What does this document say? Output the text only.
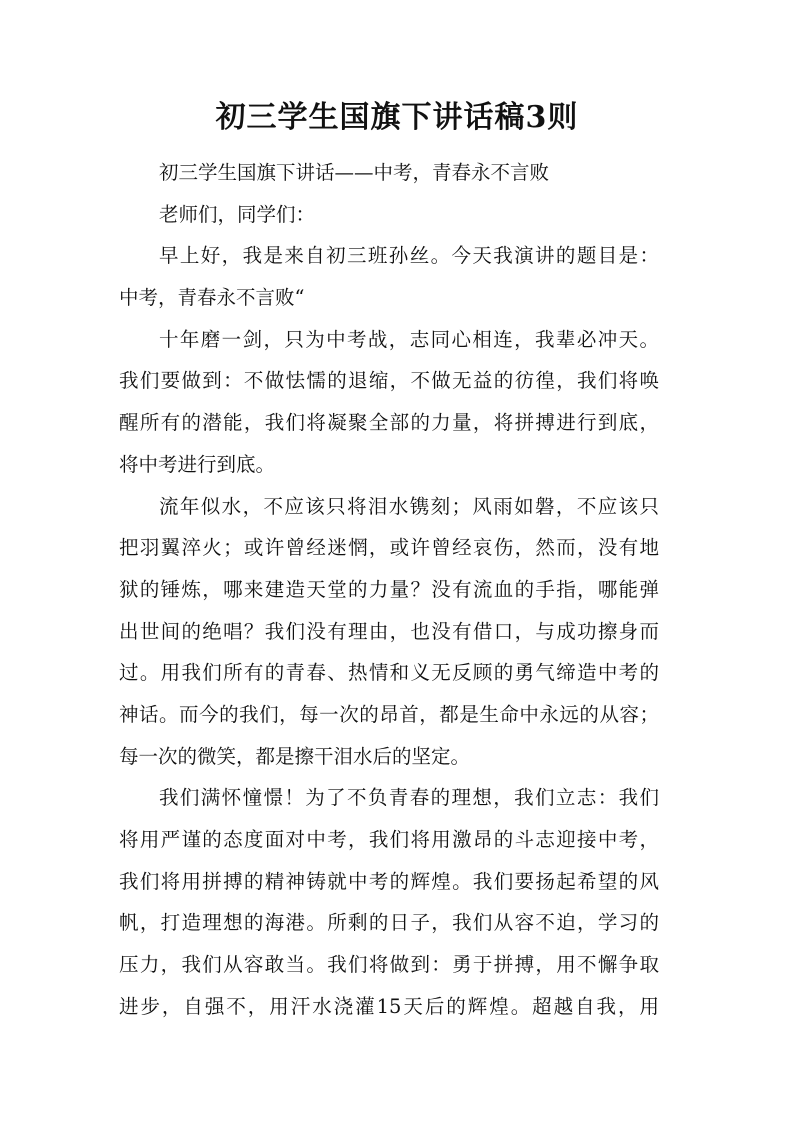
初三学生国旗下讲话稿3则
初三学生国旗下讲话——中考，青春永不言败
老师们，同学们：
早上好，我是来自初三班孙丝。今天我演讲的题目是：
中考，青春永不言败“
十年磨一剑，只为中考战，志同心相连，我辈必冲天。
我们要做到：不做怯懦的退缩，不做无益的彷徨，我们将唤
醒所有的潜能，我们将凝聚全部的力量，将拼搏进行到底，
将中考进行到底。
流年似水，不应该只将泪水镌刻；风雨如磐，不应该只
把羽翼淬火；或许曾经迷惘，或许曾经哀伤，然而，没有地
狱的锤炼，哪来建造天堂的力量？没有流血的手指，哪能弹
出世间的绝唱？我们没有理由，也没有借口，与成功擦身而
过。用我们所有的青春、热情和义无反顾的勇气缔造中考的
神话。而今的我们，每一次的昂首，都是生命中永远的从容；
每一次的微笑，都是擦干泪水后的坚定。
我们满怀憧憬！为了不负青春的理想，我们立志：我们
将用严谨的态度面对中考，我们将用激昂的斗志迎接中考，
我们将用拼搏的精神铸就中考的辉煌。我们要扬起希望的风
帆，打造理想的海港。所剩的日子，我们从容不迫，学习的
压力，我们从容敢当。我们将做到：勇于拼搏，用不懈争取
进步，自强不，用汗水浇灌15天后的辉煌。超越自我，用
